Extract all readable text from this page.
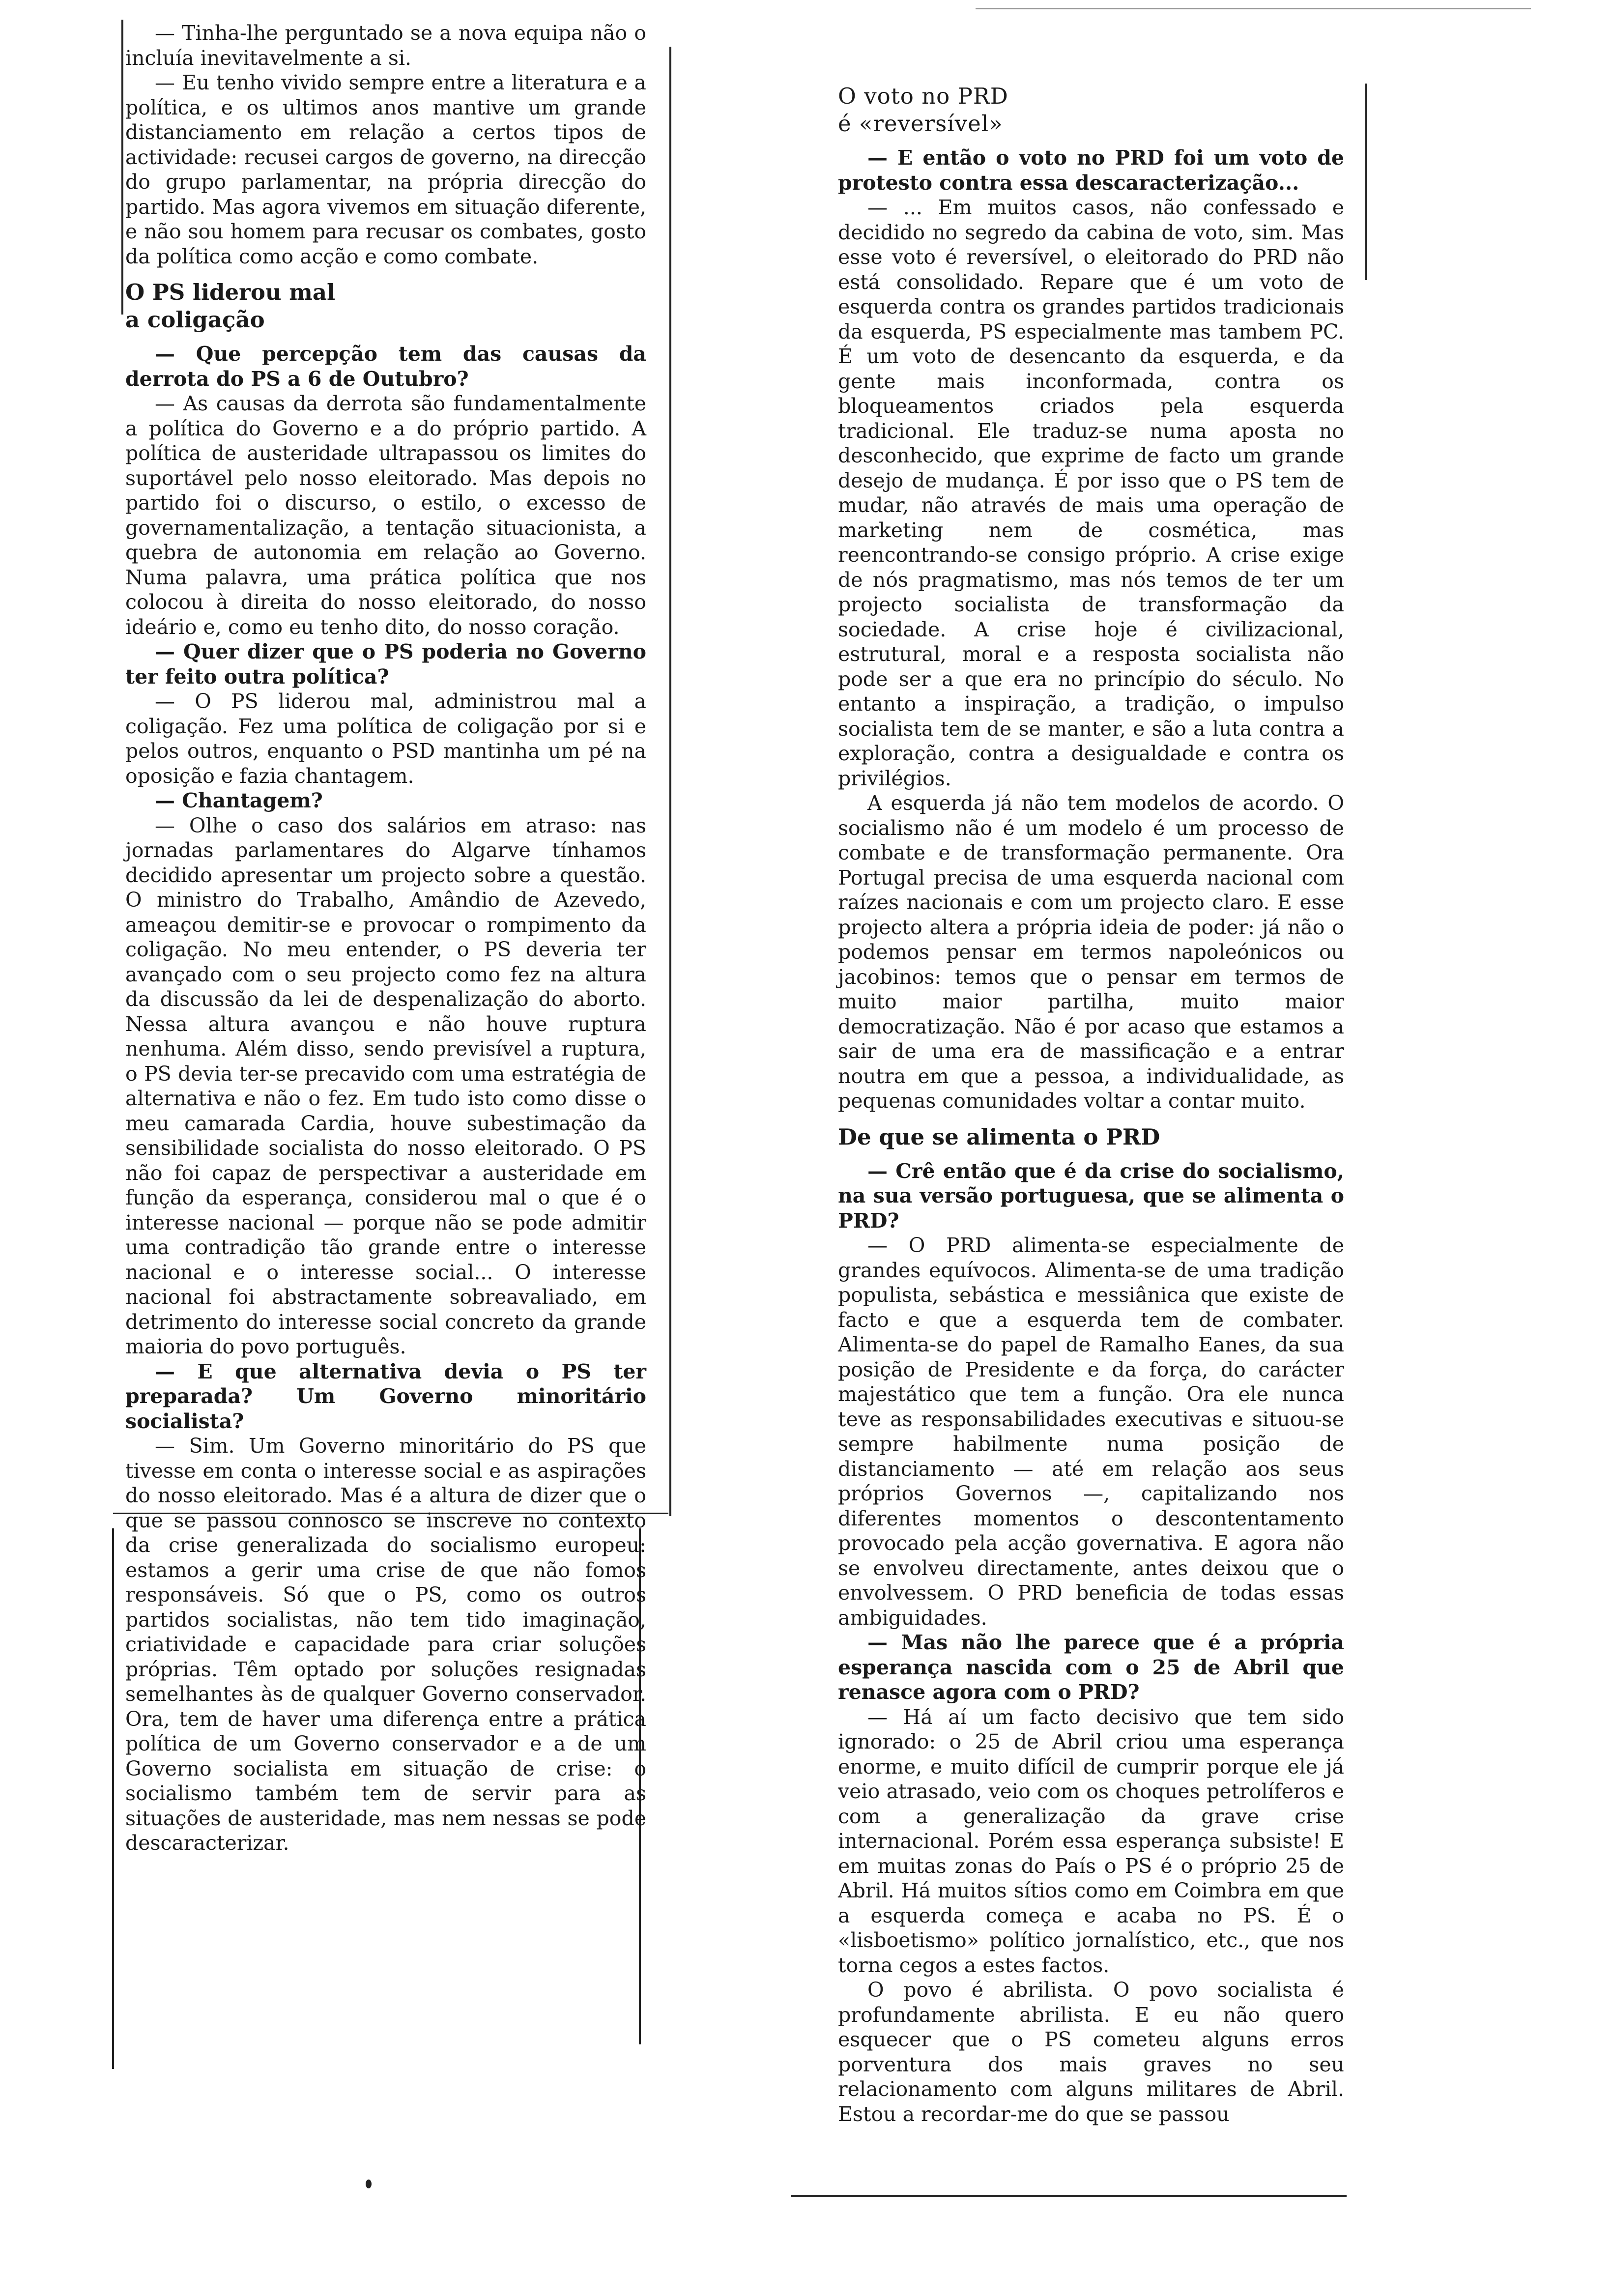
— Tinha-lhe perguntado se a nova equipa não o incluía inevitavelmente a si.

— Eu tenho vivido sempre entre a literatura e a política, e os ultimos anos mantive um grande distanciamento em relação a certos tipos de actividade: recusei cargos de governo, na direcção do grupo parlamentar, na própria direcção do partido. Mas agora vivemos em situação diferente, e não sou homem para recusar os combates, gosto da política como acção e como combate.

O PS liderou mal
a coligação

— Que percepção tem das causas da derrota do PS a 6 de Outubro?

— As causas da derrota são fundamentalmente a política do Governo e a do próprio partido. A política de austeridade ultrapassou os limites do suportável pelo nosso eleitorado. Mas depois no partido foi o discurso, o estilo, o excesso de governamentalização, a tentação situacionista, a quebra de autonomia em relação ao Governo. Numa palavra, uma prática política que nos colocou à direita do nosso eleitorado, do nosso ideário e, como eu tenho dito, do nosso coração.

— Quer dizer que o PS poderia no Governo ter feito outra política?

— O PS liderou mal, administrou mal a coligação. Fez uma política de coligação por si e pelos outros, enquanto o PSD mantinha um pé na oposição e fazia chantagem.

— Chantagem?

— Olhe o caso dos salários em atraso: nas jornadas parlamentares do Algarve tínhamos decidido apresentar um projecto sobre a questão. O ministro do Trabalho, Amândio de Azevedo, ameaçou demitir-se e provocar o rompimento da coligação. No meu entender, o PS deveria ter avançado com o seu projecto como fez na altura da discussão da lei de despenalização do aborto. Nessa altura avançou e não houve ruptura nenhuma. Além disso, sendo previsível a ruptura, o PS devia ter-se precavido com uma estratégia de alternativa e não o fez. Em tudo isto como disse o meu camarada Cardia, houve subestimação da sensibilidade socialista do nosso eleitorado. O PS não foi capaz de perspectivar a austeridade em função da esperança, considerou mal o que é o interesse nacional — porque não se pode admitir uma contradição tão grande entre o interesse nacional e o interesse social... O interesse nacional foi abstractamente sobreavaliado, em detrimento do interesse social concreto da grande maioria do povo português.

— E que alternativa devia o PS ter preparada? Um Governo minoritário socialista?

— Sim. Um Governo minoritário do PS que tivesse em conta o interesse social e as aspirações do nosso eleitorado. Mas é a altura de dizer que o que se passou connosco se inscreve no contexto da crise generalizada do socialismo europeu: estamos a gerir uma crise de que não fomos responsáveis. Só que o PS, como os outros partidos socialistas, não tem tido imaginação, criatividade e capacidade para criar soluções próprias. Têm optado por soluções resignadas semelhantes às de qualquer Governo conservador. Ora, tem de haver uma diferença entre a prática política de um Governo conservador e a de um Governo socialista em situação de crise: o socialismo também tem de servir para as situações de austeridade, mas nem nessas se pode descaracterizar.

O voto no PRD
é «reversível»

— E então o voto no PRD foi um voto de protesto contra essa descaracterização...

— ... Em muitos casos, não confessado e decidido no segredo da cabina de voto, sim. Mas esse voto é reversível, o eleitorado do PRD não está consolidado. Repare que é um voto de esquerda contra os grandes partidos tradicionais da esquerda, PS especialmente mas tambem PC. É um voto de desencanto da esquerda, e da gente mais inconformada, contra os bloqueamentos criados pela esquerda tradicional. Ele traduz-se numa aposta no desconhecido, que exprime de facto um grande desejo de mudança. É por isso que o PS tem de mudar, não através de mais uma operação de marketing nem de cosmética, mas reencontrando-se consigo próprio. A crise exige de nós pragmatismo, mas nós temos de ter um projecto socialista de transformação da sociedade. A crise hoje é civilizacional, estrutural, moral e a resposta socialista não pode ser a que era no princípio do século. No entanto a inspiração, a tradição, o impulso socialista tem de se manter, e são a luta contra a exploração, contra a desigualdade e contra os privilégios.

A esquerda já não tem modelos de acordo. O socialismo não é um modelo é um processo de combate e de transformação permanente. Ora Portugal precisa de uma esquerda nacional com raízes nacionais e com um projecto claro. E esse projecto altera a própria ideia de poder: já não o podemos pensar em termos napoleónicos ou jacobinos: temos que o pensar em termos de muito maior partilha, muito maior democratização. Não é por acaso que estamos a sair de uma era de massificação e a entrar noutra em que a pessoa, a individualidade, as pequenas comunidades voltar a contar muito.

De que se alimenta o PRD

— Crê então que é da crise do socialismo, na sua versão portuguesa, que se alimenta o PRD?

— O PRD alimenta-se especialmente de grandes equívocos. Alimenta-se de uma tradição populista, sebástica e messiânica que existe de facto e que a esquerda tem de combater. Alimenta-se do papel de Ramalho Eanes, da sua posição de Presidente e da força, do carácter majestático que tem a função. Ora ele nunca teve as responsabilidades executivas e situou-se sempre habilmente numa posição de distanciamento — até em relação aos seus próprios Governos —, capitalizando nos diferentes momentos o descontentamento provocado pela acção governativa. E agora não se envolveu directamente, antes deixou que o envolvessem. O PRD beneficia de todas essas ambiguidades.

— Mas não lhe parece que é a própria esperança nascida com o 25 de Abril que renasce agora com o PRD?

— Há aí um facto decisivo que tem sido ignorado: o 25 de Abril criou uma esperança enorme, e muito difícil de cumprir porque ele já veio atrasado, veio com os choques petrolíferos e com a generalização da grave crise internacional. Porém essa esperança subsiste! E em muitas zonas do País o PS é o próprio 25 de Abril. Há muitos sítios como em Coimbra em que a esquerda começa e acaba no PS. É o «lisboetismo» político jornalístico, etc., que nos torna cegos a estes factos.

O povo é abrilista. O povo socialista é profundamente abrilista. E eu não quero esquecer que o PS cometeu alguns erros porventura dos mais graves no seu relacionamento com alguns militares de Abril. Estou a recordar-me do que se passou
